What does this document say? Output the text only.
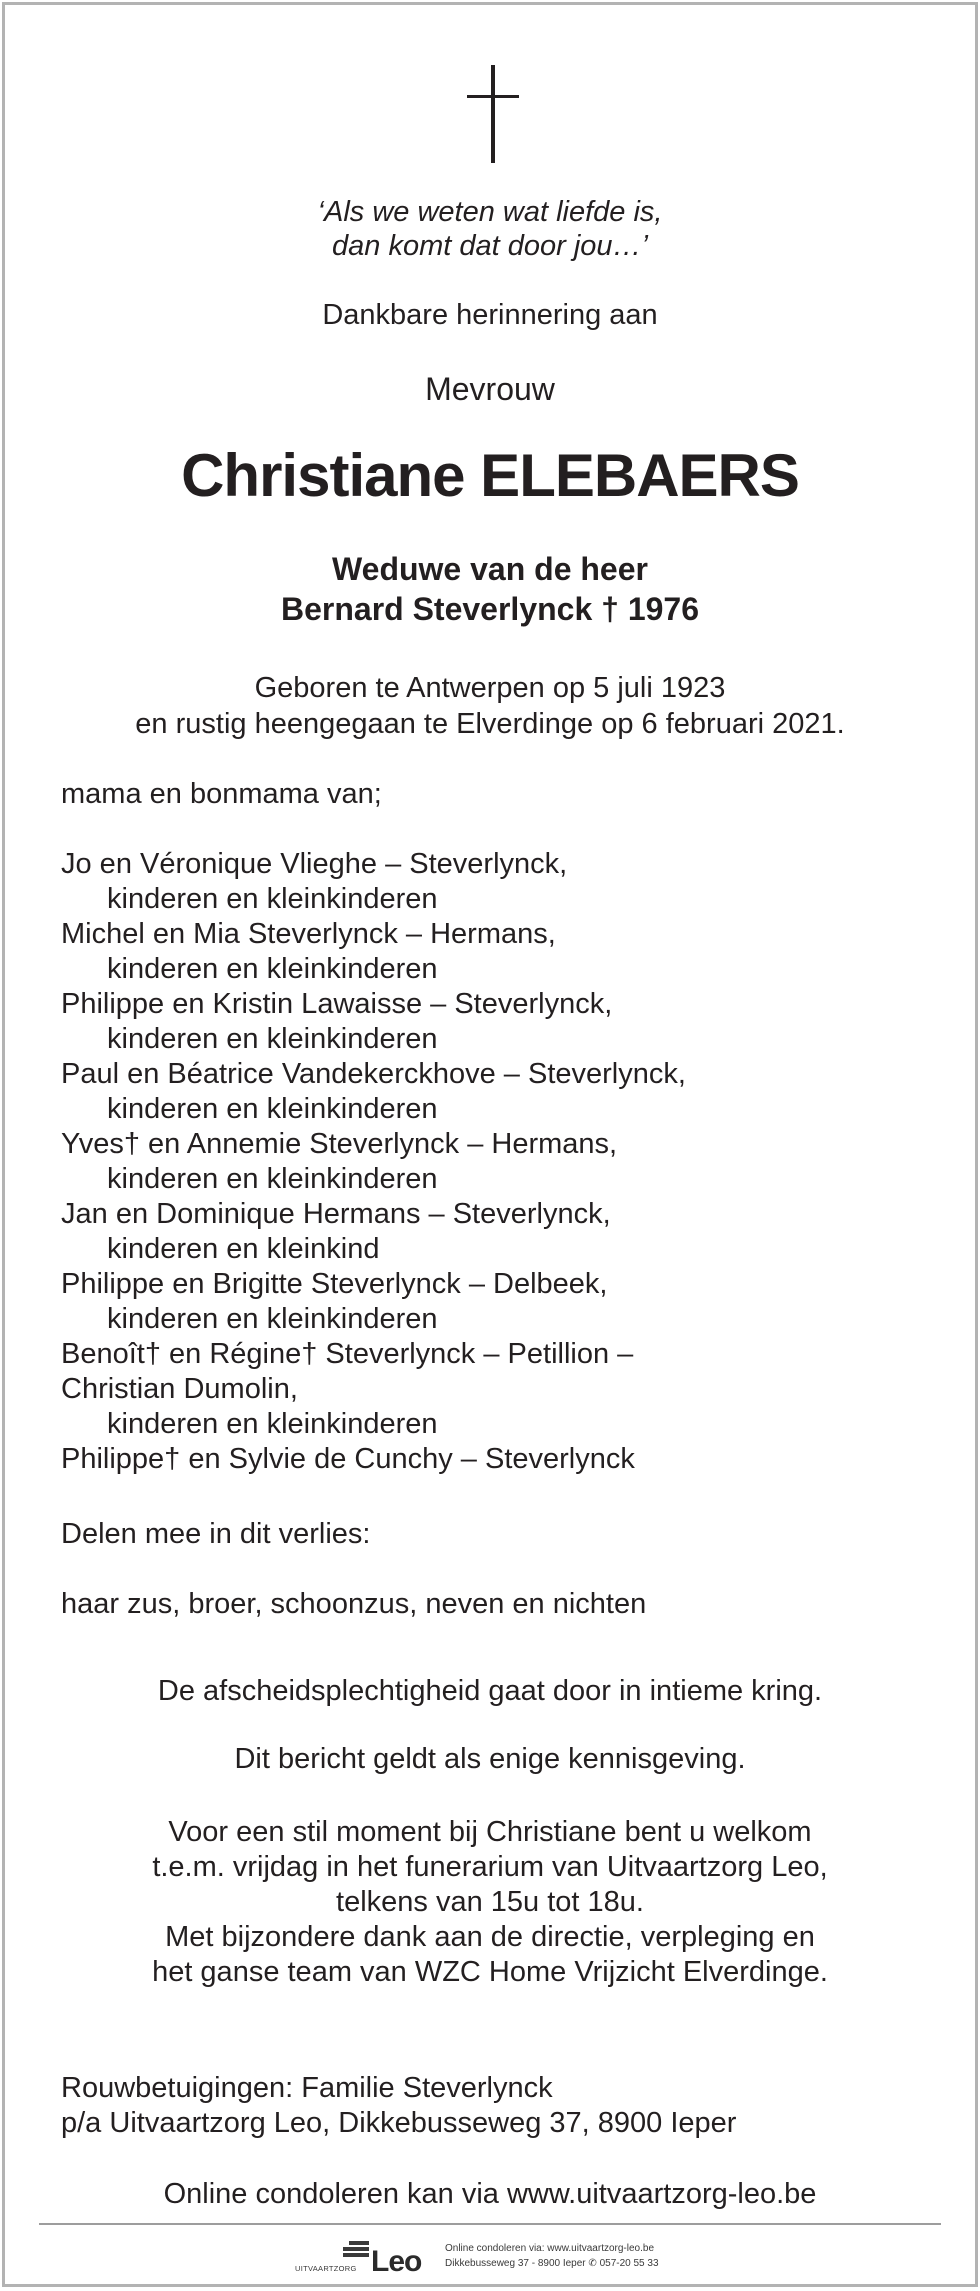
‘Als we weten wat liefde is,
dan komt dat door jou…’
Dankbare herinnering aan
Mevrouw
Christiane ELEBAERS
Weduwe van de heer
Bernard Steverlynck † 1976
Geboren te Antwerpen op 5 juli 1923
en rustig heengegaan te Elverdinge op 6 februari 2021.
mama en bonmama van;
Jo en Véronique Vlieghe – Steverlynck,
kinderen en kleinkinderen
Michel en Mia Steverlynck – Hermans,
kinderen en kleinkinderen
Philippe en Kristin Lawaisse – Steverlynck,
kinderen en kleinkinderen
Paul en Béatrice Vandekerckhove – Steverlynck,
kinderen en kleinkinderen
Yves† en Annemie Steverlynck – Hermans,
kinderen en kleinkinderen
Jan en Dominique Hermans – Steverlynck,
kinderen en kleinkind
Philippe en Brigitte Steverlynck – Delbeek,
kinderen en kleinkinderen
Benoît† en Régine† Steverlynck – Petillion –
Christian Dumolin,
kinderen en kleinkinderen
Philippe† en Sylvie de Cunchy – Steverlynck
Delen mee in dit verlies:
haar zus, broer, schoonzus, neven en nichten
De afscheidsplechtigheid gaat door in intieme kring.
Dit bericht geldt als enige kennisgeving.
Voor een stil moment bij Christiane bent u welkom
t.e.m. vrijdag in het funerarium van Uitvaartzorg Leo,
telkens van 15u tot 18u.
Met bijzondere dank aan de directie, verpleging en
het ganse team van WZC Home Vrijzicht Elverdinge.
Rouwbetuigingen: Familie Steverlynck
p/a Uitvaartzorg Leo, Dikkebusseweg 37, 8900 Ieper
Online condoleren kan via www.uitvaartzorg-leo.be
UITVAARTZORG Leo Online condoleren via: www.uitvaartzorg-leo.be
Dikkebusseweg 37 - 8900 Ieper ✆ 057-20 55 33
